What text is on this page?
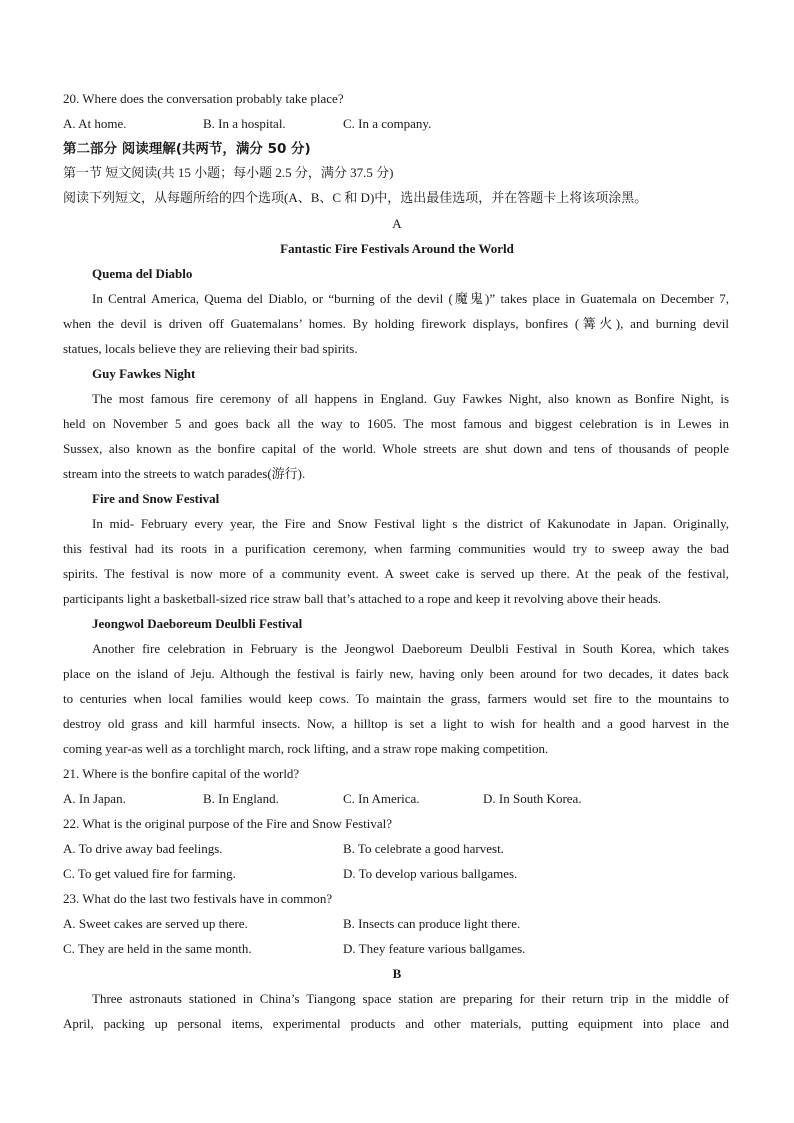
20. Where does the conversation probably take place?
A. At home.	B. In a hospital.	C. In a company.
第二部分 阅读理解(共两节，满分 50 分)
第一节 短文阅读(共 15 小题；每小题 2.5 分，满分 37.5 分)
阅读下列短文，从每题所给的四个选项(A、B、C 和 D)中，选出最佳选项，并在答题卡上将该项涂黑。
A
Fantastic Fire Festivals Around the World
Quema del Diablo
In Central America, Quema del Diablo, or “burning of the devil (魔鬼)” takes place in Guatemala on December 7,
when the devil is driven off Guatemalans’ homes. By holding firework displays, bonfires (篝火), and burning devil
statues, locals believe they are relieving their bad spirits.
Guy Fawkes Night
The most famous fire ceremony of all happens in England. Guy Fawkes Night, also known as Bonfire Night, is
held on November 5 and goes back all the way to 1605. The most famous and biggest celebration is in Lewes in
Sussex, also known as the bonfire capital of the world. Whole streets are shut down and tens of thousands of people
stream into the streets to watch parades(游行).
Fire and Snow Festival
In mid- February every year, the Fire and Snow Festival light s the district of Kakunodate in Japan. Originally,
this festival had its roots in a purification ceremony, when farming communities would try to sweep away the bad
spirits. The festival is now more of a community event. A sweet cake is served up there. At the peak of the festival,
participants light a basketball-sized rice straw ball that’s attached to a rope and keep it revolving above their heads.
Jeongwol Daeboreum Deulbli Festival
Another fire celebration in February is the Jeongwol Daeboreum Deulbli Festival in South Korea, which takes
place on the island of Jeju. Although the festival is fairly new, having only been around for two decades, it dates back
to centuries when local families would keep cows. To maintain the grass, farmers would set fire to the mountains to
destroy old grass and kill harmful insects. Now, a hilltop is set a light to wish for health and a good harvest in the
coming year-as well as a torchlight march, rock lifting, and a straw rope making competition.
21. Where is the bonfire capital of the world?
A. In Japan.	B. In England.	C. In America.	D. In South Korea.
22. What is the original purpose of the Fire and Snow Festival?
A. To drive away bad feelings.	B. To celebrate a good harvest.
C. To get valued fire for farming.	D. To develop various ballgames.
23. What do the last two festivals have in common?
A. Sweet cakes are served up there.	B. Insects can produce light there.
C. They are held in the same month.	D. They feature various ballgames.
B
Three astronauts stationed in China’s Tiangong space station are preparing for their return trip in the middle of
April, packing up personal items, experimental products and other materials, putting equipment into place and
